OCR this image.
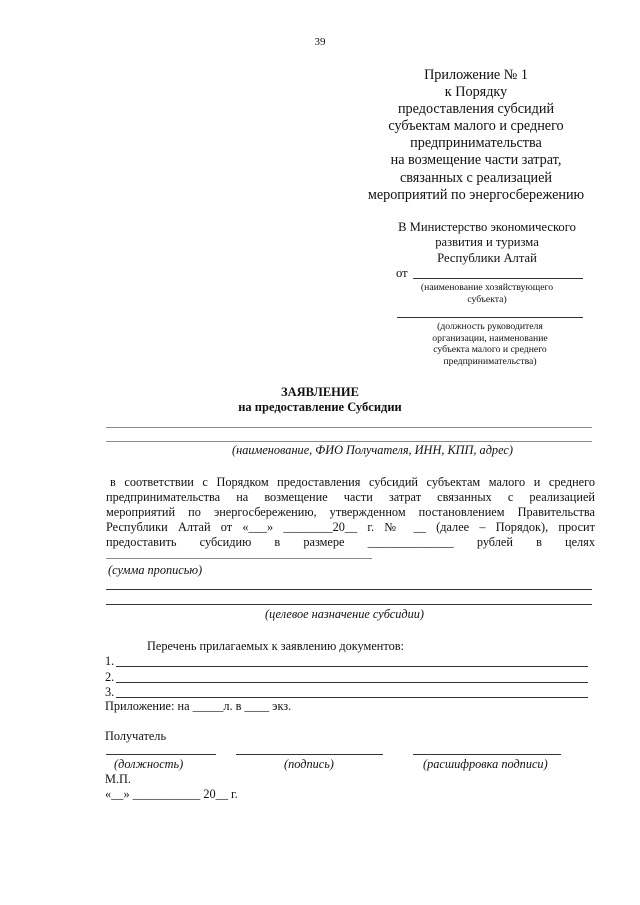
39
Приложение № 1
к Порядку
предоставления субсидий
субъектам малого и среднего
предпринимательства
на возмещение части затрат,
связанных с реализацией
мероприятий по энергосбережению
В Министерство экономического
развития и туризма
Республики Алтай
от
(наименование хозяйствующего
субъекта)
(должность руководителя
организации, наименование
субъекта малого и среднего
предпринимательства)
ЗАЯВЛЕНИЕ
на предоставление Субсидии
(наименование, ФИО Получателя, ИНН, КПП, адрес)

в соответствии с Порядком предоставления субсидий субъектам малого и среднего

предпринимательства на возмещение части затрат связанных с реализацией

мероприятий по энергосбережению, утвержденном постановлением Правительства

Республики Алтай от «___» ________20__ г. № __ (далее – Порядок), просит

предоставить субсидию в размере ______________ рублей в целях

(сумма прописью)
(целевое назначение субсидии)
Перечень прилагаемых к заявлению документов:
1.
2.
3.
Приложение: на _____л. в ____ экз.
Получатель
(должность)	(подпись)	(расшифровка подписи)
М.П.
«__» ___________ 20__ г.
